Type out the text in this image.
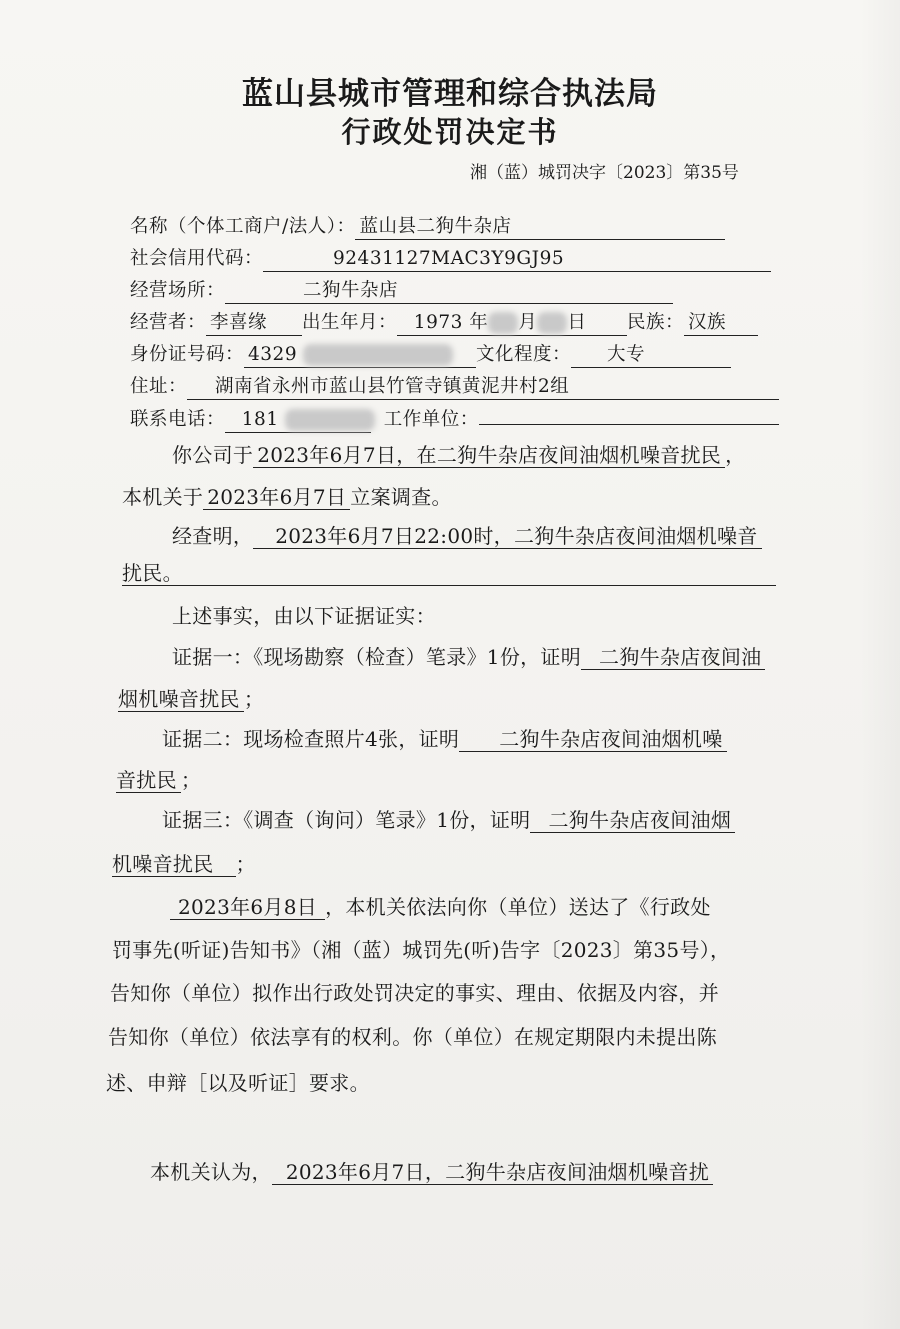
蓝山县城市管理和综合执法局
行政处罚决定书
湘（蓝）城罚决字〔2023〕第35号
名称（个体工商户/法人）： 蓝山县二狗牛杂店
社会信用代码：	92431127MAC3Y9GJ95
经营场所：	二狗牛杂店
经营者： 李喜缘 出生年月： 1973 年 月 日 民族： 汉族
身份证号码： 4329	文化程度： 大专
住址： 湖南省永州市蓝山县竹管寺镇黄泥井村2组
联系电话： 181	工作单位：
你公司于 2023年6月7日，在二狗牛杂店夜间油烟机噪音扰民 ，
本机关于 2023年6月7日 立案调查。
经查明， 2023年6月7日22:00时，二狗牛杂店夜间油烟机噪音
扰民。
上述事实，由以下证据证实：
证据一：《现场勘察（检查）笔录》1份，证明 二狗牛杂店夜间油
烟机噪音扰民 ；
证据二：现场检查照片4张，证明 二狗牛杂店夜间油烟机噪
音扰民 ；
证据三：《调查（询问）笔录》1份，证明 二狗牛杂店夜间油烟
机噪音扰民 ；
2023年6月8日 ，本机关依法向你（单位）送达了《行政处
罚事先(听证)告知书》（湘（蓝）城罚先(听)告字〔2023〕第35号），
告知你（单位）拟作出行政处罚决定的事实、理由、依据及内容，并
告知你（单位）依法享有的权利。你（单位）在规定期限内未提出陈
述、申辩［以及听证］要求。
本机关认为， 2023年6月7日，二狗牛杂店夜间油烟机噪音扰
